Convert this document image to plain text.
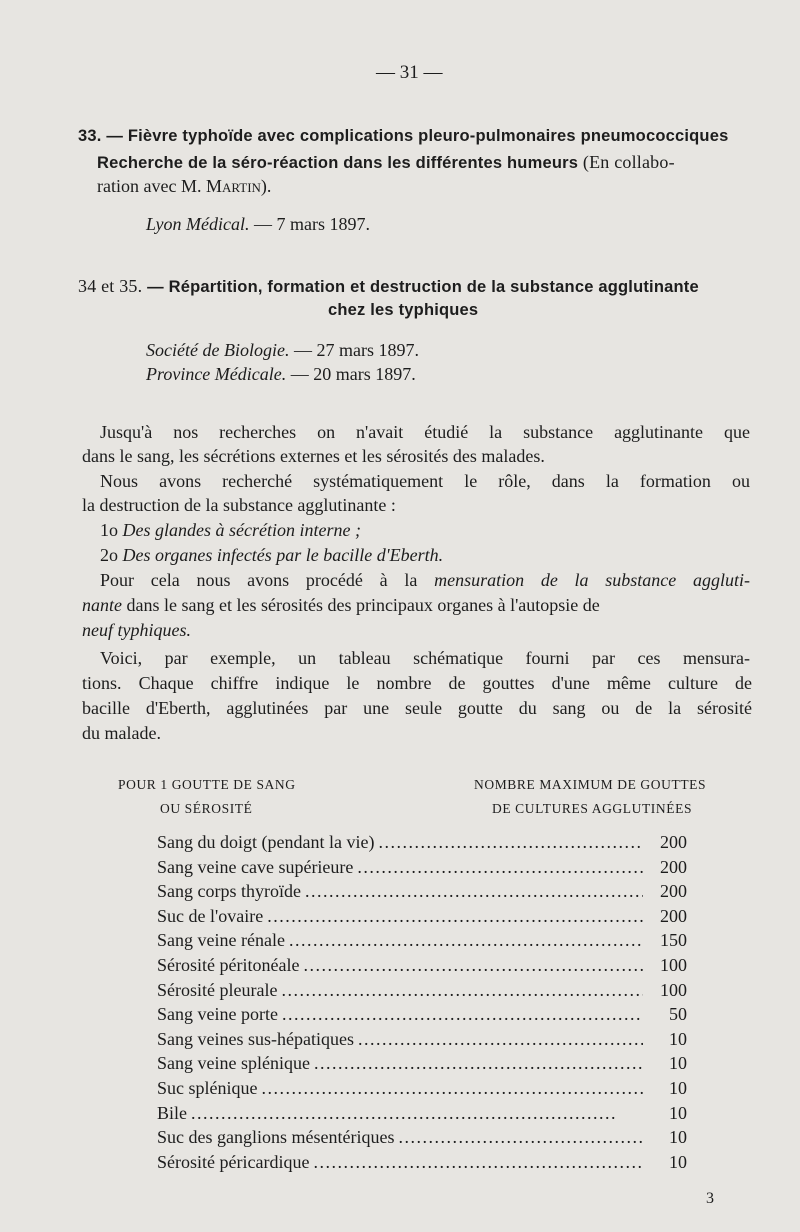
— 31 —
33. — Fièvre typhoïde avec complications pleuro-pulmonaires pneumococciques
Recherche de la séro-réaction dans les différentes humeurs (En collabo-
ration avec M. Martin).
Lyon Médical. — 7 mars 1897.
34 et 35. — Répartition, formation et destruction de la substance agglutinante
chez les typhiques
Société de Biologie. — 27 mars 1897.
Province Médicale. — 20 mars 1897.
Jusqu'à nos recherches on n'avait étudié la substance agglutinante que
dans le sang, les sécrétions externes et les sérosités des malades.
Nous avons recherché systématiquement le rôle, dans la formation ou
la destruction de la substance agglutinante :
1o Des glandes à sécrétion interne ;
2o Des organes infectés par le bacille d'Eberth.
Pour cela nous avons procédé à la mensuration de la substance aggluti-
nante dans le sang et les sérosités des principaux organes à l'autopsie de
neuf typhiques.
Voici, par exemple, un tableau schématique fourni par ces mensura-
tions. Chaque chiffre indique le nombre de gouttes d'une même culture de
bacille d'Eberth, agglutinées par une seule goutte du sang ou de la sérosité
du malade.
POUR 1 GOUTTE DE SANG
OU SÉROSITÉ
NOMBRE MAXIMUM DE GOUTTES
DE CULTURES AGGLUTINÉES
Sang du doigt (pendant la vie) . . .	200
Sang veine cave supérieure . . .	200
Sang corps thyroïde . . .	200
Suc de l'ovaire . . .	200
Sang veine rénale . . .	150
Sérosité péritonéale . . .	100
Sérosité pleurale . . .	100
Sang veine porte . . .	50
Sang veines sus-hépatiques . . .	10
Sang veine splénique . . .	10
Suc splénique . . .	10
Bile . . .	10
Suc des ganglions mésentériques . . .	10
Sérosité péricardique . . .	10
3
